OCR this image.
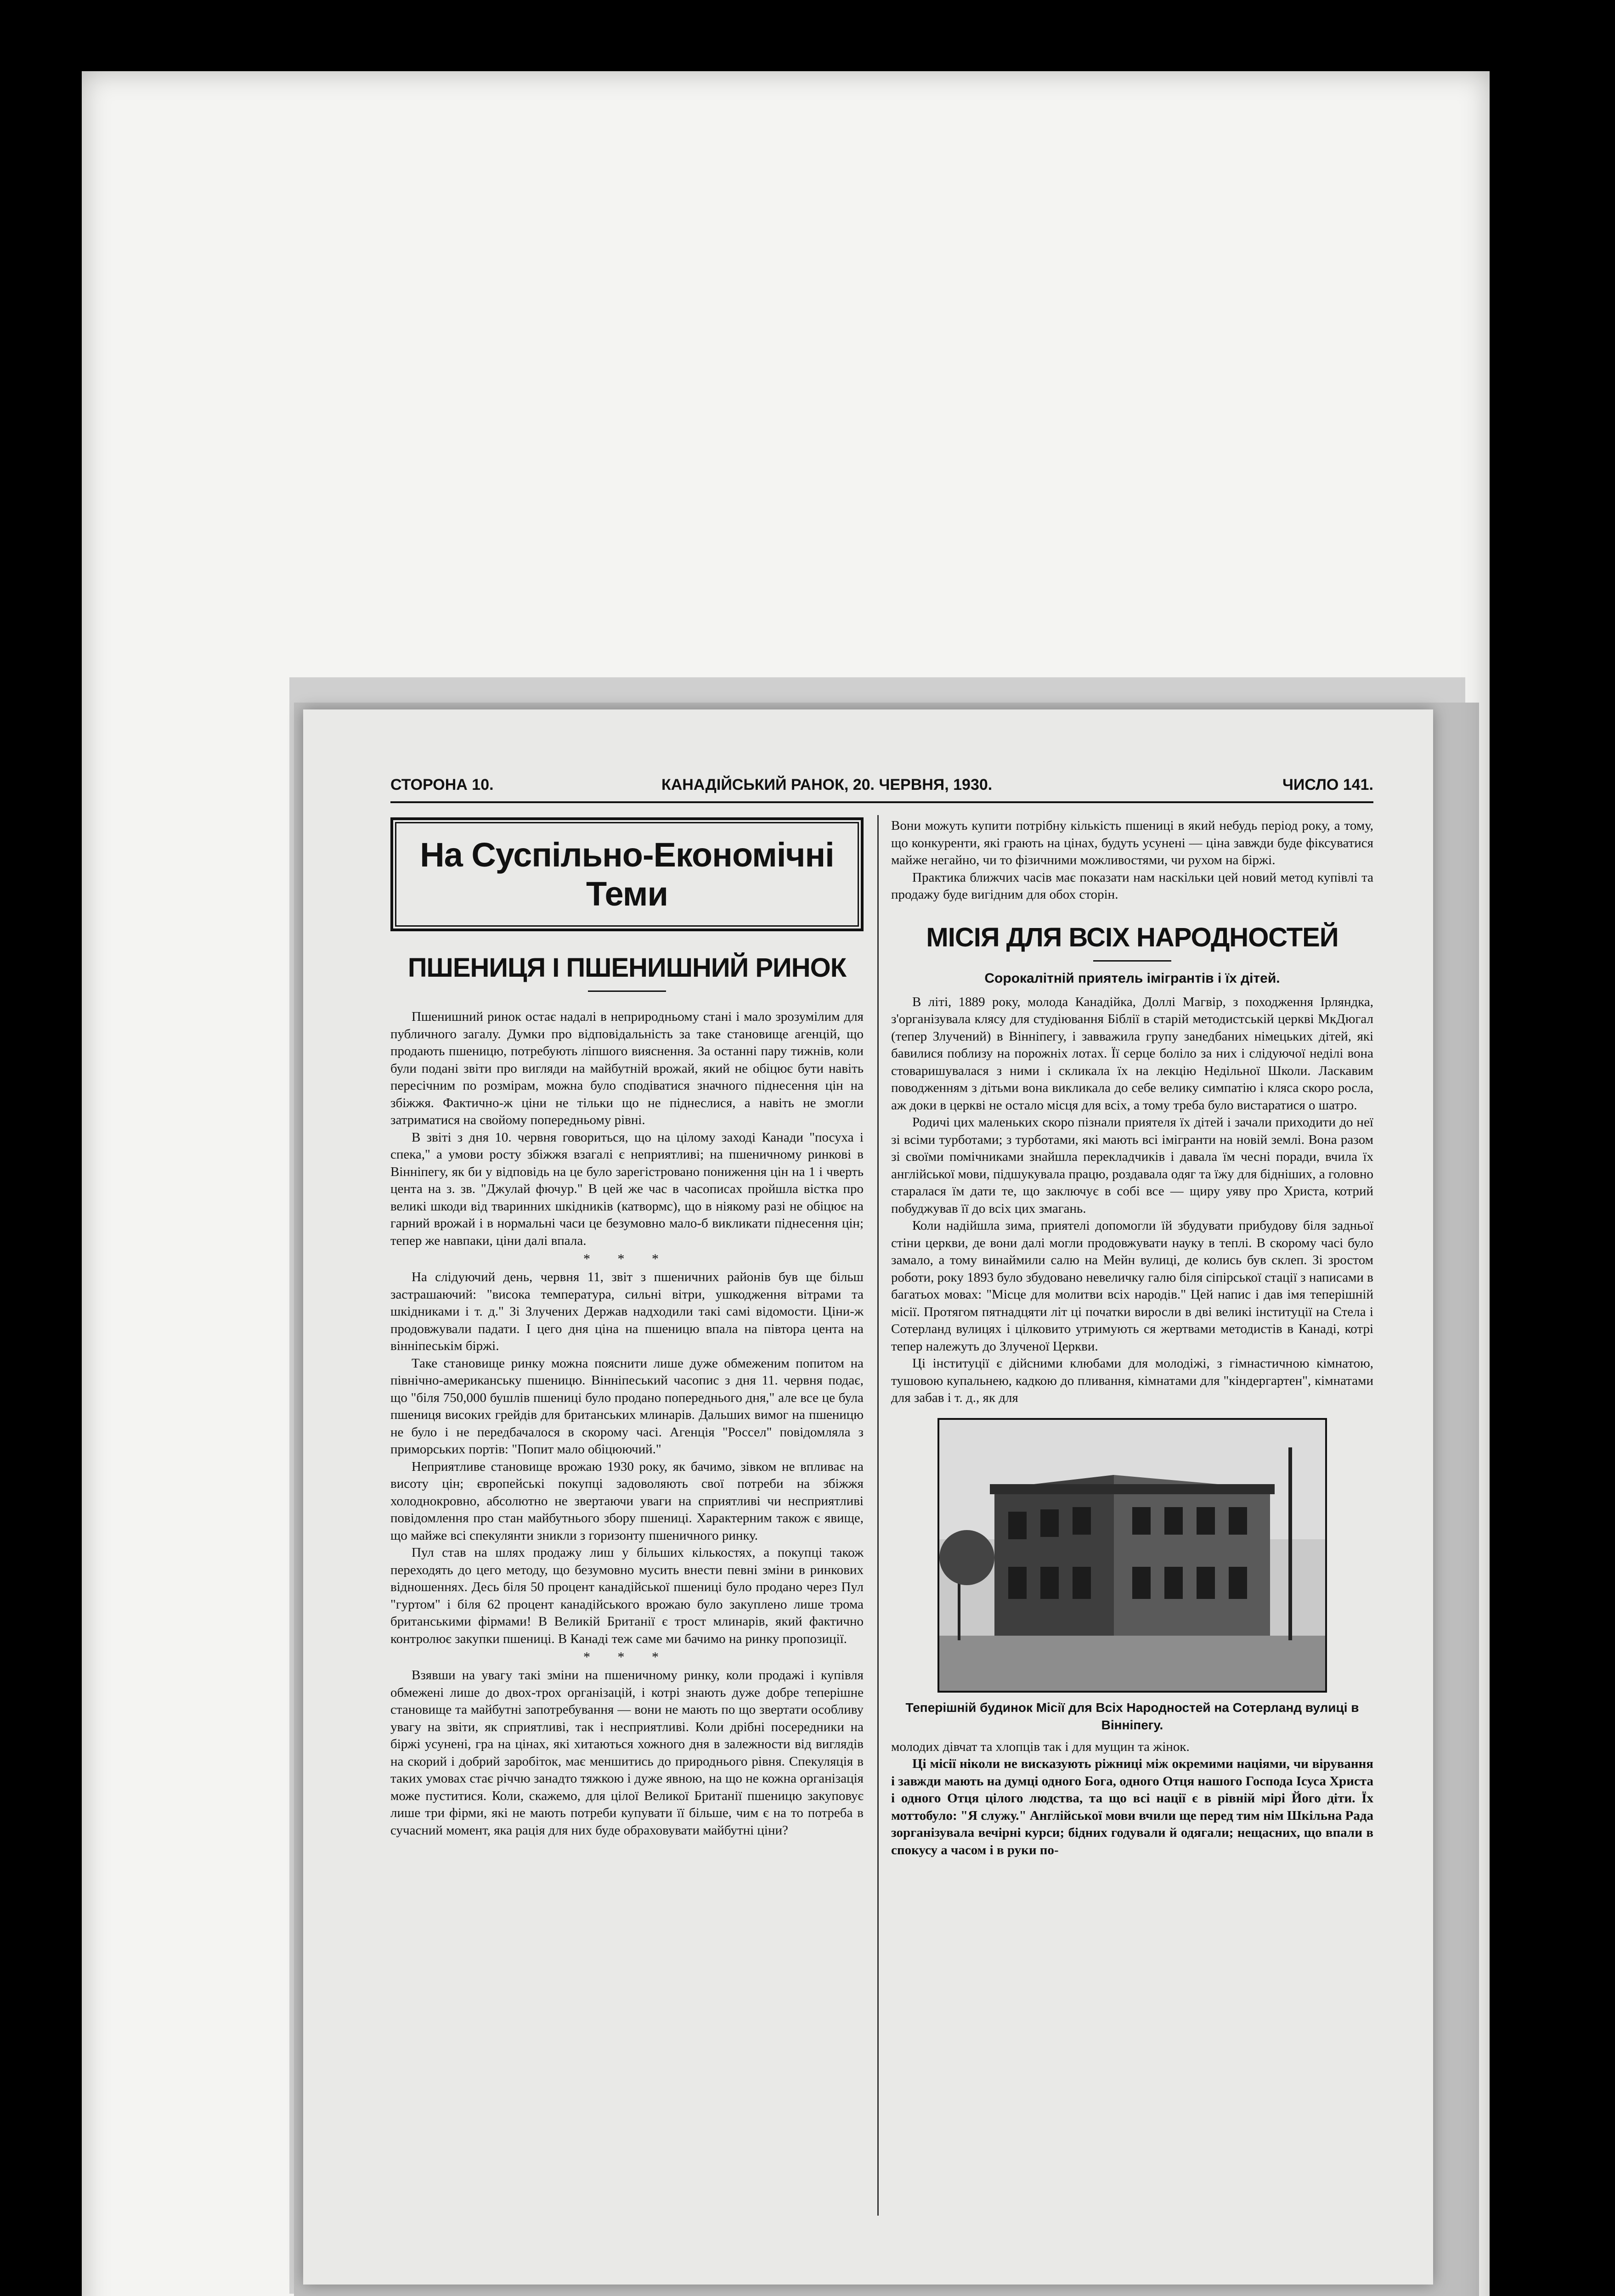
СТОРОНА 10.	КАНАДІЙСЬКИЙ РАНОК, 20. ЧЕРВНЯ, 1930.	ЧИСЛО 141.
На Суспільно-Економічні Теми
ПШЕНИЦЯ І ПШЕНИШНИЙ РИНОК

Пшенишний ринок остає надалі в неприродньому стані і мало зрозумілим для публичного загалу. Думки про відповідальність за таке становище агенцій, що продають пшеницю, потребують ліпшого вияснення. За останні пару тижнів, коли були подані звіти про вигляди на майбутній врожай, який не обіцює бути навіть пересічним по розмірам, можна було сподіватися значного піднесення цін на збіжжя. Фактично-ж ціни не тільки що не піднеслися, а навіть не змогли затриматися на свойому попередньому рівні.

В звіті з дня 10. червня говориться, що на цілому заході Канади "посуха і спека," а умови росту збіжжя взагалі є неприятливі; на пшеничному ринкові в Вінніпегу, як би у відповідь на це було зарегістровано пониження цін на 1 і чверть цента на з. зв. "Джулай фючур." В цей же час в часописах пройшла вістка про великі шкоди від тваринних шкідників (катвормс), що в ніякому разі не обіцює на гарний врожай і в нормальні часи це безумовно мало-б викликати піднесення цін; тепер же навпаки, ціни далі впала.

* * *

На слідуючий день, червня 11, звіт з пшеничних районів був ще більш застрашаючий: "висока температура, сильні вітри, ушкодження вітрами та шкідниками і т. д." Зі Злучених Держав надходили такі самі відомости. Ціни-ж продовжували падати. І цего дня ціна на пшеницю впала на півтора цента на вінніпеськім біржі.

Таке становище ринку можна пояснити лише дуже обмеженим попитом на північно-американську пшеницю. Вінніпеський часопис з дня 11. червня подає, що "біля 750,000 бушлів пшениці було продано попереднього дня," але все це була пшениця високих грейдів для британських млинарів. Дальших вимог на пшеницю не було і не передбачалося в скорому часі. Агенція "Россел" повідомляла з приморських портів: "Попит мало обіцюючий."

Неприятливе становище врожаю 1930 року, як бачимо, зівком не впливає на висоту цін; європейські покупці задоволяють свої потреби на збіжжя холоднокровно, абсолютно не звертаючи уваги на сприятливі чи несприятливі повідомлення про стан майбутнього збору пшениці. Характерним також є явище, що майже всі спекулянти зникли з горизонту пшеничного ринку.

Пул став на шлях продажу лиш у більших кількостях, а покупці також переходять до цего методу, що безумовно мусить внести певні зміни в ринкових відношеннях. Десь біля 50 процент канадійської пшениці було продано через Пул "гуртом" і біля 62 процент канадійського врожаю було закуплено лише трома британськими фірмами! В Великій Британії є трост млинарів, який фактично контролює закупки пшениці. В Канаді теж саме ми бачимо на ринку пропозиції.

* * *

Взявши на увагу такі зміни на пшеничному ринку, коли продажі і купівля обмежені лише до двох-трох організацій, і котрі знають дуже добре теперішне становище та майбутні запотребування — вони не мають по що звертати особливу увагу на звіти, як сприятливі, так і несприятливі. Коли дрібні посередники на біржі усунені, гра на цінах, які хитаються хожного дня в залежности від виглядів на скорий і добрий заробіток, має меншитись до природнього рівня. Спекуляція в таких умовах стає річчю занадто тяжкою і дуже явною, на що не кожна організація може пуститися. Коли, скажемо, для цілої Великої Британії пшеницю закуповує лише три фірми, які не мають потреби купувати її більше, чим є на то потреба в сучасний момент, яка рація для них буде обраховувати майбутні ціни?

Вони можуть купити потрібну кількість пшениці в який небудь період року, а тому, що конкуренти, які грають на цінах, будуть усунені — ціна завжди буде фіксуватися майже негайно, чи то фізичними можливостями, чи рухом на біржі.

Практика ближчих часів має показати нам наскільки цей новий метод купівлі та продажу буде вигідним для обох сторін.

МІСІЯ ДЛЯ ВСІХ НАРОДНОСТЕЙ
Сорокалітній приятель імігрантів і їх дітей.

В літі, 1889 року, молода Канадійка, Доллі Магвір, з походження Ірляндка, з'організувала клясу для студіювання Біблії в старій методистській церкві МкДюгал (тепер Злучений) в Вінніпегу, і завважила групу занедбаних німецьких дітей, які бавилися поблизу на порожніх лотах. Її серце боліло за них і слідуючої неділі вона стоваришувалася з ними і скликала їх на лекцію Недільної Школи. Ласкавим поводженням з дітьми вона викликала до себе велику симпатію і кляса скоро росла, аж доки в церкві не остало місця для всіх, а тому треба було вистаратися о шатро.

Родичі цих маленьких скоро пізнали приятеля їх дітей і зачали приходити до неї зі всіми турботами; з турботами, які мають всі імігранти на новій землі. Вона разом зі своїми помічниками знайшла перекладчиків і давала їм чесні поради, вчила їх англійської мови, підшукувала працю, роздавала одяг та їжу для бідніших, а головно старалася їм дати те, що заключує в собі все — щиру уяву про Христа, котрий побуджував її до всіх цих змагань.

Коли надійшла зима, приятелі допомогли їй збудувати прибудову біля задньої стіни церкви, де вони далі могли продовжувати науку в теплі. В скорому часі було замало, а тому винаймили салю на Мейн вулиці, де колись був склеп. Зі зростом роботи, року 1893 було збудовано невеличку галю біля сіпірської стації з написами в багатьох мовах: "Місце для молитви всіх народів." Цей напис і дав імя теперішній місії. Протягом пятнадцяти літ ці початки виросли в дві великі інституції на Стела і Сотерланд вулицях і цілковито утримують ся жертвами методистів в Канаді, котрі тепер належуть до Злученої Церкви.

Ці інституції є дійсними клюбами для молодіжі, з гімнастичною кімнатою, тушовою купальнею, кадкою до пливання, кімнатами для "кіндергартен", кімнатами для забав і т. д., як для

Теперішній будинок Місії для Всіх Народностей на Сотерланд вулиці в Вінніпегу.

молодих дівчат та хлопців так і для мущин та жінок.

Ці місії ніколи не висказують ріжниці між окремими націями, чи вірування і завжди мають на думці одного Бога, одного Отця нашого Господа Ісуса Христа і одного Отця цілого людства, та що всі нації є в рівній мірі Його діти. Їх моттобуло: "Я служу." Англійської мови вчили ще перед тим нім Шкільна Рада зорганізувала вечірні курси; бідних годували й одягали; нещасних, що впали в спокусу а часом і в руки по-
